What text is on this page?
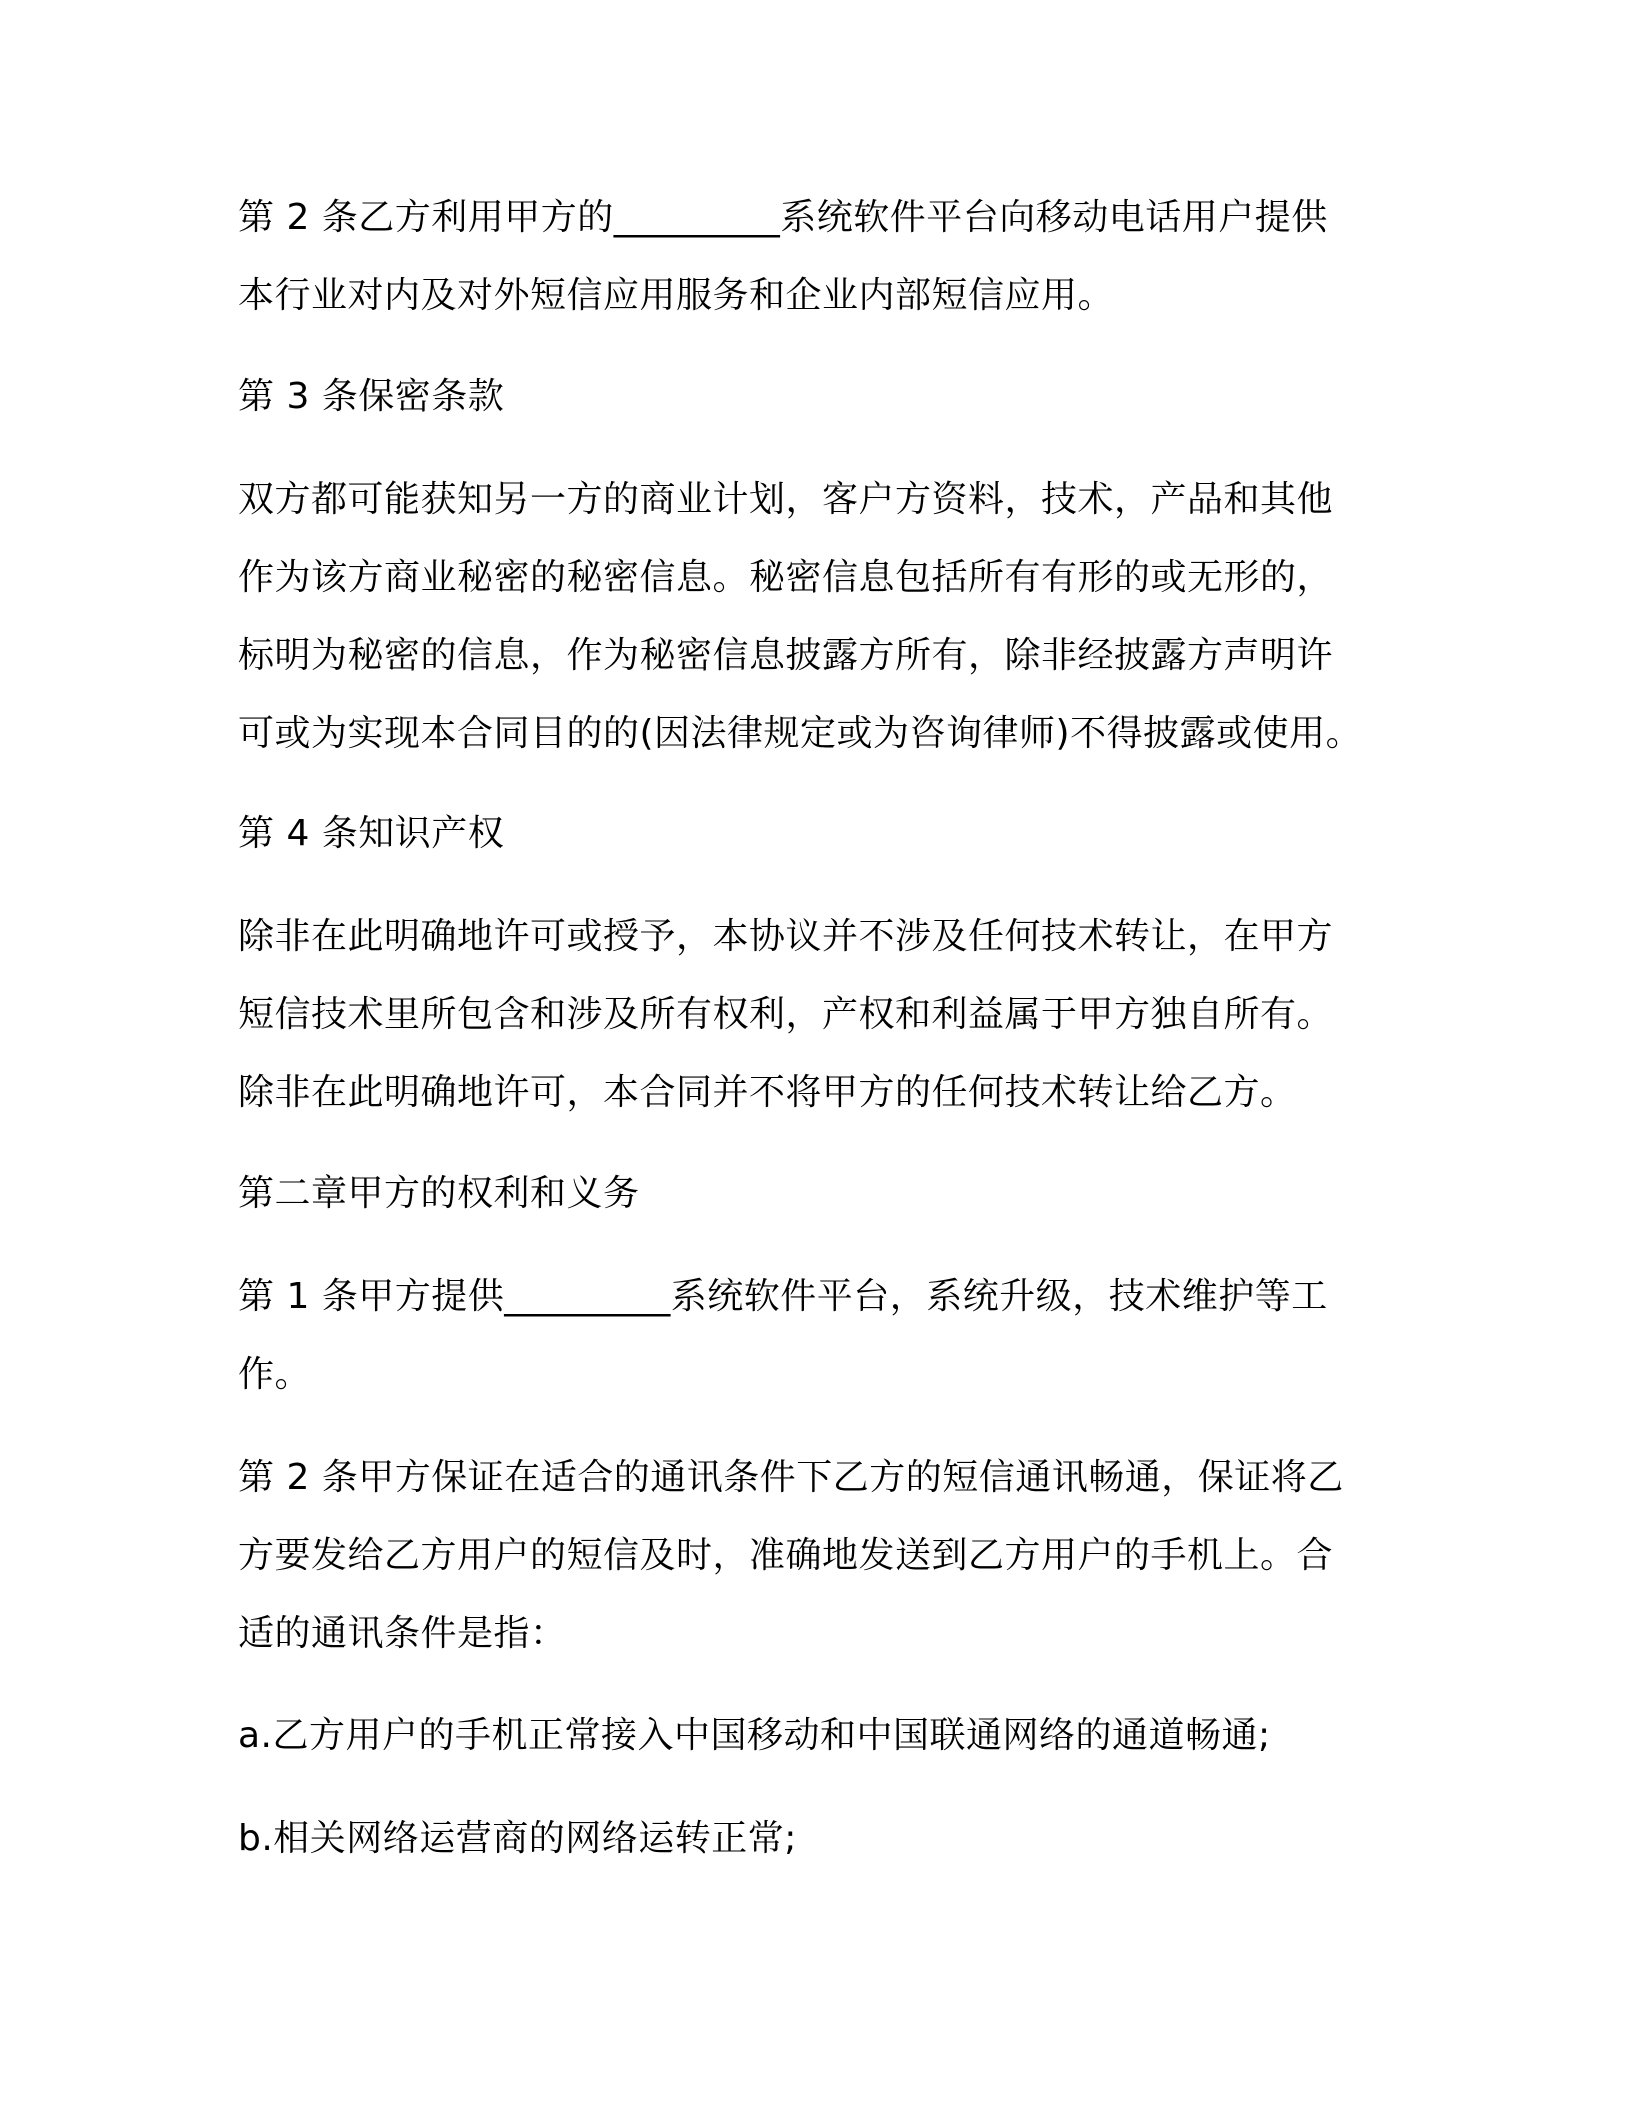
第 2 条乙方利用甲方的_________系统软件平台向移动电话用户提供
本行业对内及对外短信应用服务和企业内部短信应用。
第 3 条保密条款
双方都可能获知另一方的商业计划，客户方资料，技术，产品和其他
作为该方商业秘密的秘密信息。秘密信息包括所有有形的或无形的，
标明为秘密的信息，作为秘密信息披露方所有，除非经披露方声明许
可或为实现本合同目的的(因法律规定或为咨询律师)不得披露或使用。
第 4 条知识产权
除非在此明确地许可或授予，本协议并不涉及任何技术转让，在甲方
短信技术里所包含和涉及所有权利，产权和利益属于甲方独自所有。
除非在此明确地许可，本合同并不将甲方的任何技术转让给乙方。
第二章甲方的权利和义务
第 1 条甲方提供_________系统软件平台，系统升级，技术维护等工
作。
第 2 条甲方保证在适合的通讯条件下乙方的短信通讯畅通，保证将乙
方要发给乙方用户的短信及时，准确地发送到乙方用户的手机上。合
适的通讯条件是指：
a.乙方用户的手机正常接入中国移动和中国联通网络的通道畅通;
b.相关网络运营商的网络运转正常;
